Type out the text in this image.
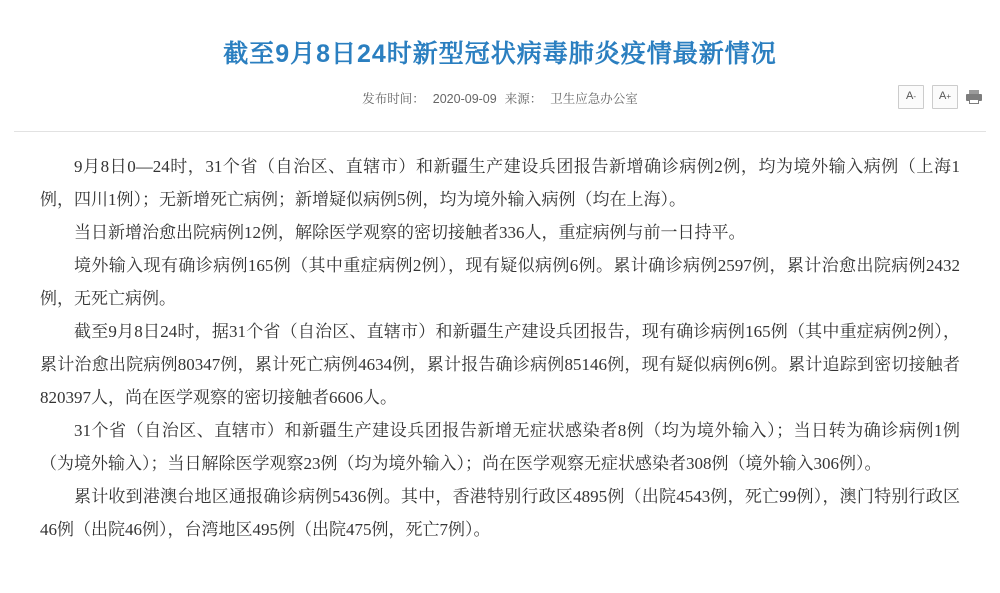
截至9月8日24时新型冠状病毒肺炎疫情最新情况
发布时间： 2020-09-09 来源： 卫生应急办公室	A - A +

9月8日0—24时，31个省（自治区、直辖市）和新疆生产建设兵团报告新增确诊病例2例，均为境外输入病例（上海1例，四川1例）；无新增死亡病例；新增疑似病例5例，均为境外输入病例（均在上海）。

当日新增治愈出院病例12例，解除医学观察的密切接触者336人，重症病例与前一日持平。

境外输入现有确诊病例165例（其中重症病例2例），现有疑似病例6例。累计确诊病例2597例，累计治愈出院病例2432例，无死亡病例。

截至9月8日24时，据31个省（自治区、直辖市）和新疆生产建设兵团报告，现有确诊病例165例（其中重症病例2例），累计治愈出院病例80347例，累计死亡病例4634例，累计报告确诊病例85146例，现有疑似病例6例。累计追踪到密切接触者820397人，尚在医学观察的密切接触者6606人。

31个省（自治区、直辖市）和新疆生产建设兵团报告新增无症状感染者8例（均为境外输入）；当日转为确诊病例1例（为境外输入）；当日解除医学观察23例（均为境外输入）；尚在医学观察无症状感染者308例（境外输入306例）。

累计收到港澳台地区通报确诊病例5436例。其中，香港特别行政区4895例（出院4543例，死亡99例），澳门特别行政区46例（出院46例），台湾地区495例（出院475例，死亡7例）。
